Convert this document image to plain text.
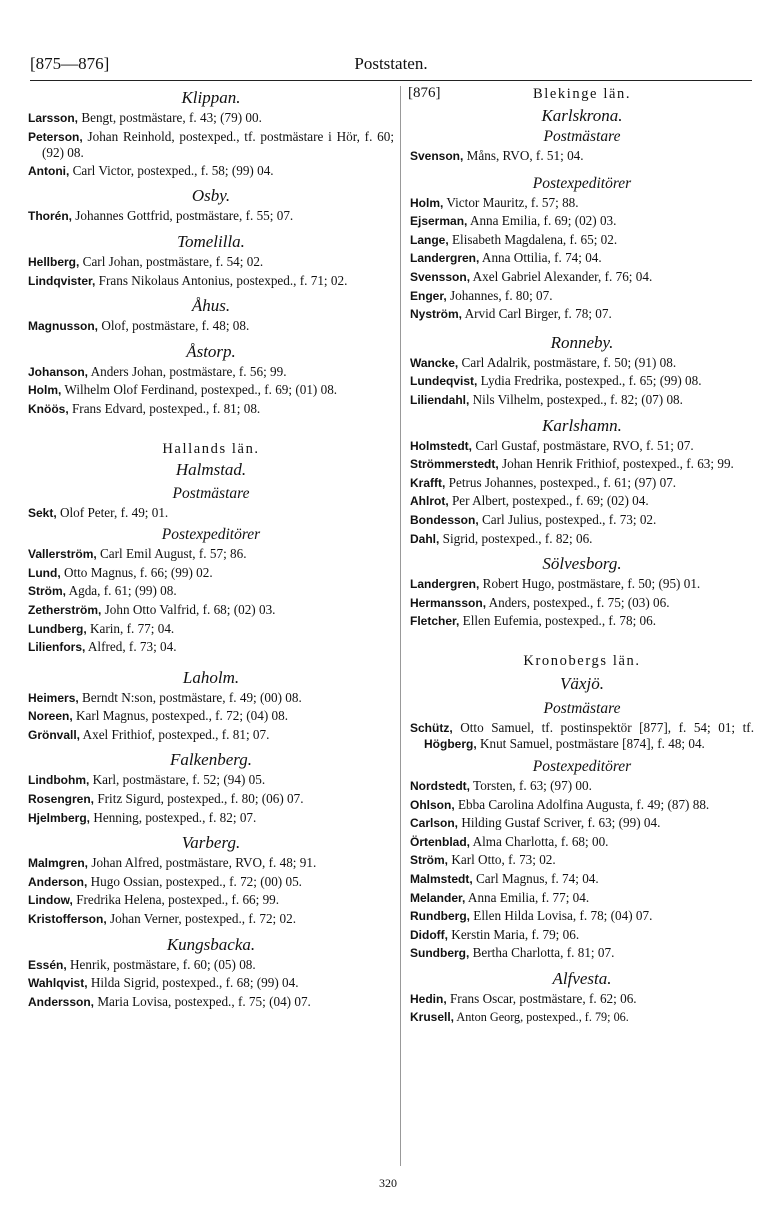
[875—876]	Poststaten.
Klippan.
Larsson, Bengt, postmästare, f. 43; (79) 00.
Peterson, Johan Reinhold, postexped., tf. postmästare i Hör, f. 60; (92) 08.
Antoni, Carl Victor, postexped., f. 58; (99) 04.
Osby.
Thorén, Johannes Gottfrid, postmästare, f. 55; 07.
Tomelilla.
Hellberg, Carl Johan, postmästare, f. 54; 02.
Lindqvister, Frans Nikolaus Antonius, postexped., f. 71; 02.
Åhus.
Magnusson, Olof, postmästare, f. 48; 08.
Åstorp.
Johanson, Anders Johan, postmästare, f. 56; 99.
Holm, Wilhelm Olof Ferdinand, postexped., f. 69; (01) 08.
Knöös, Frans Edvard, postexped., f. 81; 08.
Hallands län.
Halmstad.
Postmästare
Sekt, Olof Peter, f. 49; 01.
Postexpeditörer
Vallerström, Carl Emil August, f. 57; 86.
Lund, Otto Magnus, f. 66; (99) 02.
Ström, Agda, f. 61; (99) 08.
Zetherström, John Otto Valfrid, f. 68; (02) 03.
Lundberg, Karin, f. 77; 04.
Lilienfors, Alfred, f. 73; 04.
Laholm.
Heimers, Berndt N:son, postmästare, f. 49; (00) 08.
Noreen, Karl Magnus, postexped., f. 72; (04) 08.
Grönvall, Axel Frithiof, postexped., f. 81; 07.
Falkenberg.
Lindbohm, Karl, postmästare, f. 52; (94) 05.
Rosengren, Fritz Sigurd, postexped., f. 80; (06) 07.
Hjelmberg, Henning, postexped., f. 82; 07.
Varberg.
Malmgren, Johan Alfred, postmästare, RVO, f. 48; 91.
Anderson, Hugo Ossian, postexped., f. 72; (00) 05.
Lindow, Fredrika Helena, postexped., f. 66; 99.
Kristofferson, Johan Verner, postexped., f. 72; 02.
Kungsbacka.
Essén, Henrik, postmästare, f. 60; (05) 08.
Wahlqvist, Hilda Sigrid, postexped., f. 68; (99) 04.
Andersson, Maria Lovisa, postexped., f. 75; (04) 07.
[876]	Blekinge län.
Karlskrona.
Postmästare
Svenson, Måns, RVO, f. 51; 04.
Postexpeditörer
Holm, Victor Mauritz, f. 57; 88.
Ejserman, Anna Emilia, f. 69; (02) 03.
Lange, Elisabeth Magdalena, f. 65; 02.
Landergren, Anna Ottilia, f. 74; 04.
Svensson, Axel Gabriel Alexander, f. 76; 04.
Enger, Johannes, f. 80; 07.
Nyström, Arvid Carl Birger, f. 78; 07.
Ronneby.
Wancke, Carl Adalrik, postmästare, f. 50; (91) 08.
Lundeqvist, Lydia Fredrika, postexped., f. 65; (99) 08.
Liliendahl, Nils Vilhelm, postexped., f. 82; (07) 08.
Karlshamn.
Holmstedt, Carl Gustaf, postmästare, RVO, f. 51; 07.
Strömmerstedt, Johan Henrik Frithiof, postexped., f. 63; 99.
Krafft, Petrus Johannes, postexped., f. 61; (97) 07.
Ahlrot, Per Albert, postexped., f. 69; (02) 04.
Bondesson, Carl Julius, postexped., f. 73; 02.
Dahl, Sigrid, postexped., f. 82; 06.
Sölvesborg.
Landergren, Robert Hugo, postmästare, f. 50; (95) 01.
Hermansson, Anders, postexped., f. 75; (03) 06.
Fletcher, Ellen Eufemia, postexped., f. 78; 06.
Kronobergs län.
Växjö.
Postmästare
Schütz, Otto Samuel, tf. postinspektör [877], f. 54; 01; tf. Högberg, Knut Samuel, postmästare [874], f. 48; 04.
Postexpeditörer
Nordstedt, Torsten, f. 63; (97) 00.
Ohlson, Ebba Carolina Adolfina Augusta, f. 49; (87) 88.
Carlson, Hilding Gustaf Scriver, f. 63; (99) 04.
Örtenblad, Alma Charlotta, f. 68; 00.
Ström, Karl Otto, f. 73; 02.
Malmstedt, Carl Magnus, f. 74; 04.
Melander, Anna Emilia, f. 77; 04.
Rundberg, Ellen Hilda Lovisa, f. 78; (04) 07.
Didoff, Kerstin Maria, f. 79; 06.
Sundberg, Bertha Charlotta, f. 81; 07.
Alfvesta.
Hedin, Frans Oscar, postmästare, f. 62; 06.
Krusell, Anton Georg, postexped., f. 79; 06.
320
